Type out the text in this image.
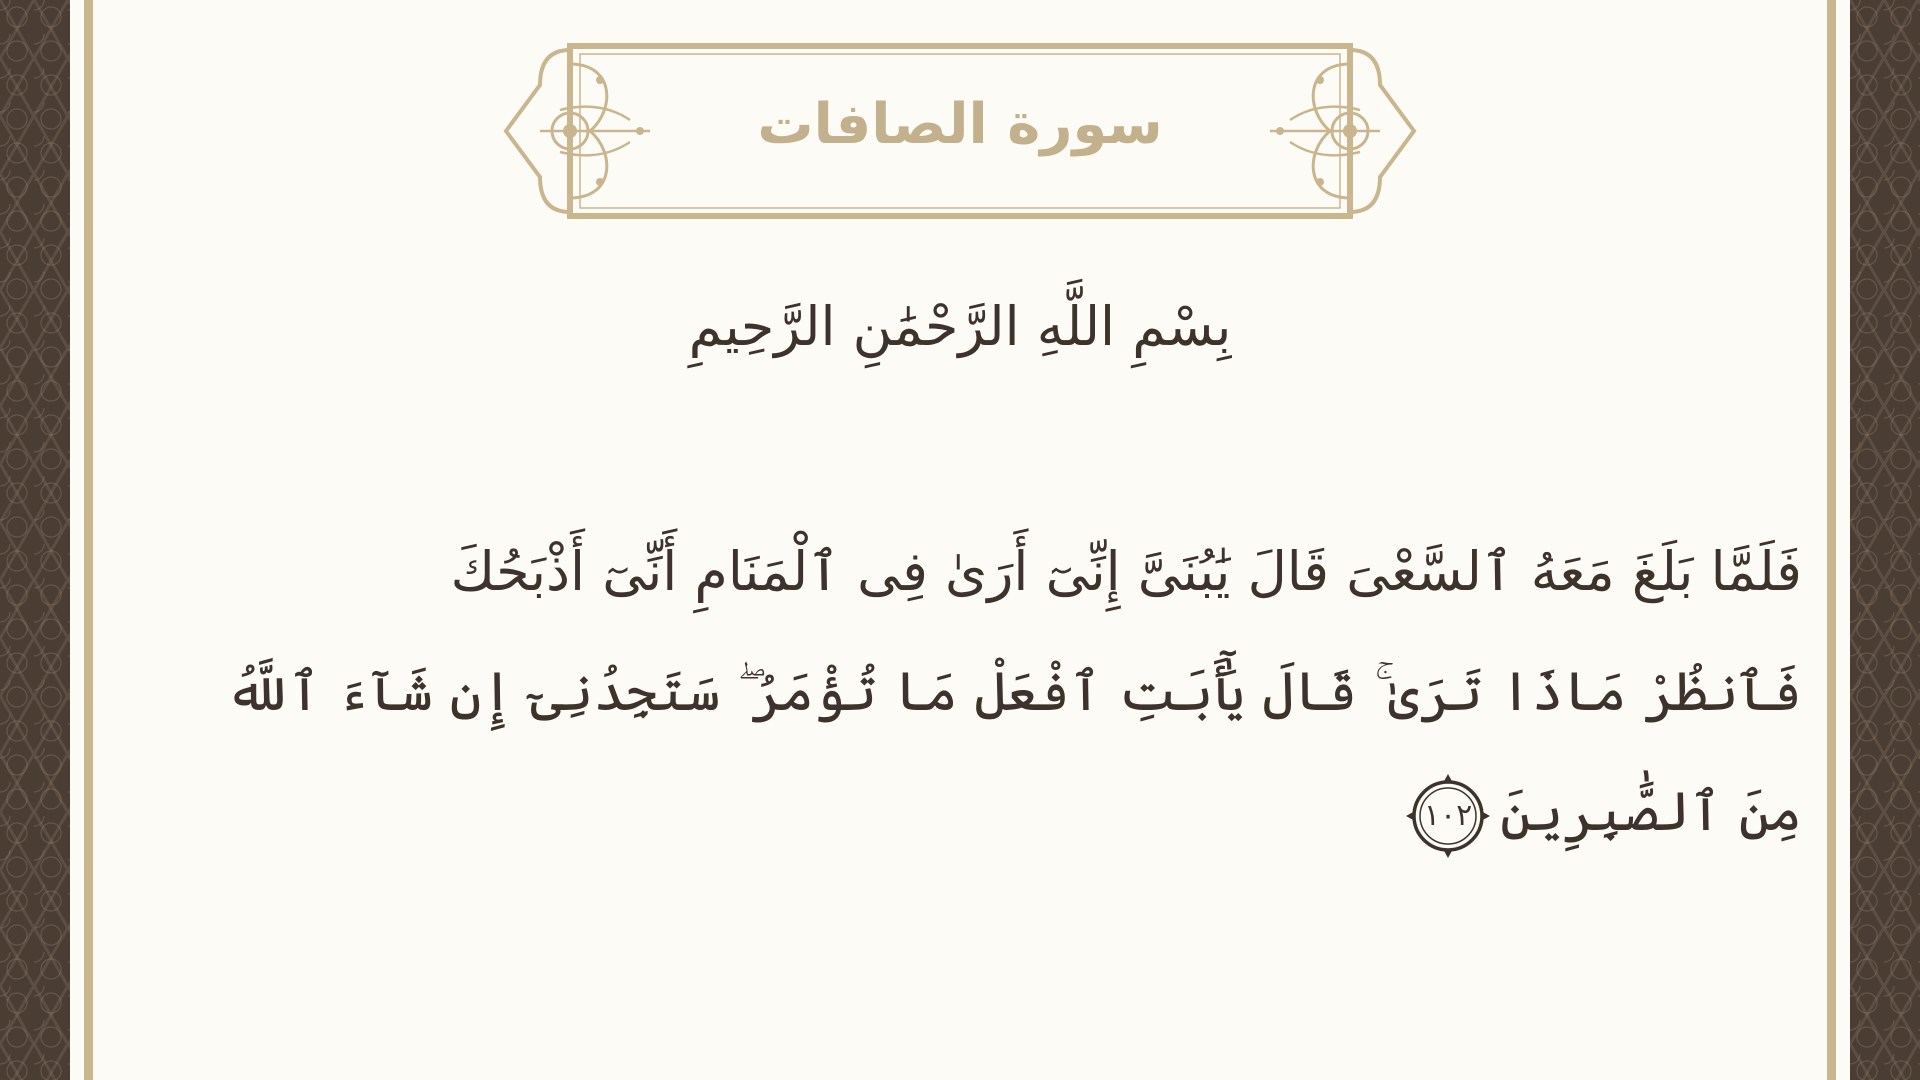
سورة الصافات
بِسْمِ اللَّهِ الرَّحْمَٰنِ الرَّحِيمِ
فَلَمَّا بَلَغَ مَعَهُ ٱلسَّعْىَ قَالَ يَٰبُنَىَّ إِنِّىٓ أَرَىٰ فِى ٱلْمَنَامِ أَنِّىٓ أَذْبَحُكَ
فَٱنظُرْ مَاذَا تَرَىٰ ۚ قَالَ يَٰٓأَبَتِ ٱفْعَلْ مَا تُؤْمَرُ ۖ سَتَجِدُنِىٓ إِن شَآءَ ٱللَّهُ
مِنَ ٱلصَّٰبِرِينَ
١٠٢
